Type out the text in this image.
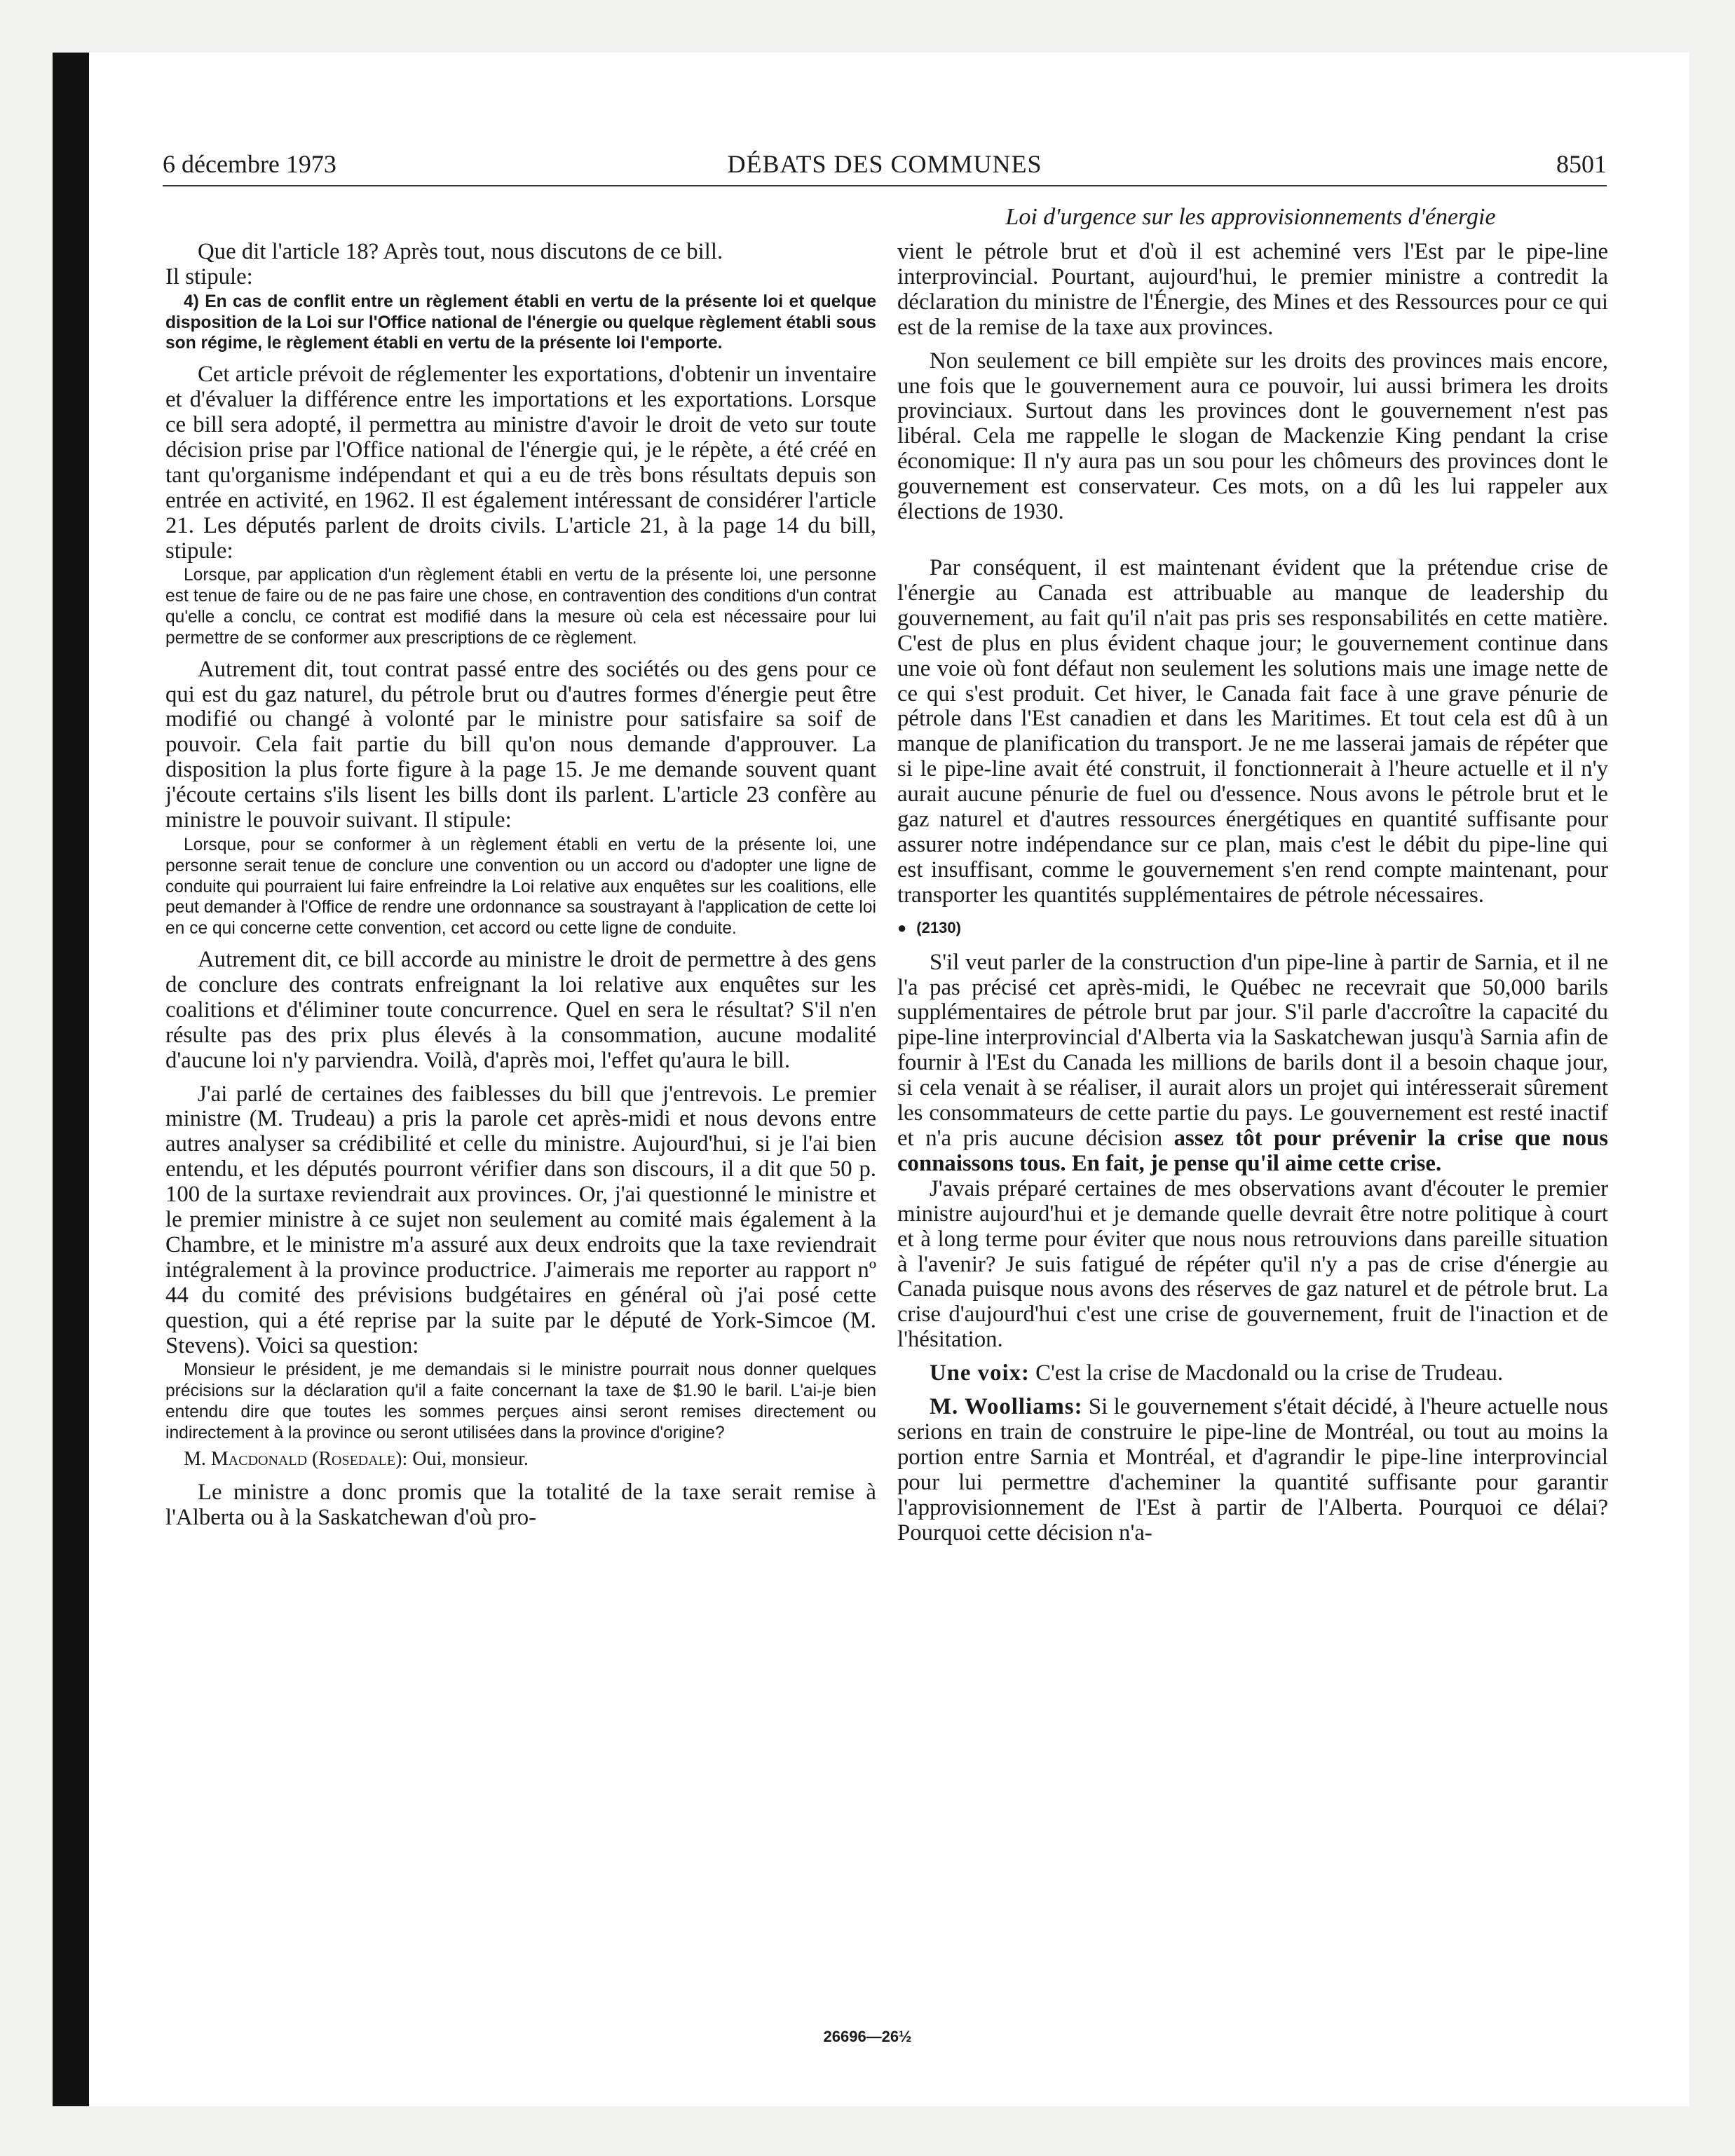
6 décembre 1973	DÉBATS DES COMMUNES	8501
Loi d'urgence sur les approvisionnements d'énergie

Que dit l'article 18? Après tout, nous discutons de ce bill.

Il stipule:

4) En cas de conflit entre un règlement établi en vertu de la présente loi et quelque disposition de la Loi sur l'Office national de l'énergie ou quelque règlement établi sous son régime, le règlement établi en vertu de la présente loi l'emporte.

Cet article prévoit de réglementer les exportations, d'obtenir un inventaire et d'évaluer la différence entre les importations et les exportations. Lorsque ce bill sera adopté, il permettra au ministre d'avoir le droit de veto sur toute décision prise par l'Office national de l'énergie qui, je le répète, a été créé en tant qu'organisme indépendant et qui a eu de très bons résultats depuis son entrée en activité, en 1962. Il est également intéressant de considérer l'article 21. Les députés parlent de droits civils. L'article 21, à la page 14 du bill, stipule:

Lorsque, par application d'un règlement établi en vertu de la présente loi, une personne est tenue de faire ou de ne pas faire une chose, en contravention des conditions d'un contrat qu'elle a conclu, ce contrat est modifié dans la mesure où cela est nécessaire pour lui permettre de se conformer aux prescriptions de ce règlement.

Autrement dit, tout contrat passé entre des sociétés ou des gens pour ce qui est du gaz naturel, du pétrole brut ou d'autres formes d'énergie peut être modifié ou changé à volonté par le ministre pour satisfaire sa soif de pouvoir. Cela fait partie du bill qu'on nous demande d'approuver. La disposition la plus forte figure à la page 15. Je me demande souvent quant j'écoute certains s'ils lisent les bills dont ils parlent. L'article 23 confère au ministre le pouvoir suivant. Il stipule:

Lorsque, pour se conformer à un règlement établi en vertu de la présente loi, une personne serait tenue de conclure une convention ou un accord ou d'adopter une ligne de conduite qui pourraient lui faire enfreindre la Loi relative aux enquêtes sur les coalitions, elle peut demander à l'Office de rendre une ordonnance sa soustrayant à l'application de cette loi en ce qui concerne cette convention, cet accord ou cette ligne de conduite.

Autrement dit, ce bill accorde au ministre le droit de permettre à des gens de conclure des contrats enfreignant la loi relative aux enquêtes sur les coalitions et d'éliminer toute concurrence. Quel en sera le résultat? S'il n'en résulte pas des prix plus élevés à la consommation, aucune modalité d'aucune loi n'y parviendra. Voilà, d'après moi, l'effet qu'aura le bill.

J'ai parlé de certaines des faiblesses du bill que j'entrevois. Le premier ministre (M. Trudeau) a pris la parole cet après-midi et nous devons entre autres analyser sa crédibilité et celle du ministre. Aujourd'hui, si je l'ai bien entendu, et les députés pourront vérifier dans son discours, il a dit que 50 p. 100 de la surtaxe reviendrait aux provinces. Or, j'ai questionné le ministre et le premier ministre à ce sujet non seulement au comité mais également à la Chambre, et le ministre m'a assuré aux deux endroits que la taxe reviendrait intégralement à la province productrice. J'aimerais me reporter au rapport nº 44 du comité des prévisions budgétaires en général où j'ai posé cette question, qui a été reprise par la suite par le député de York-Simcoe (M. Stevens). Voici sa question:

Monsieur le président, je me demandais si le ministre pourrait nous donner quelques précisions sur la déclaration qu'il a faite concernant la taxe de $1.90 le baril. L'ai-je bien entendu dire que toutes les sommes perçues ainsi seront remises directement ou indirectement à la province ou seront utilisées dans la province d'origine?

M. Macdonald (Rosedale): Oui, monsieur.

Le ministre a donc promis que la totalité de la taxe serait remise à l'Alberta ou à la Saskatchewan d'où pro-

vient le pétrole brut et d'où il est acheminé vers l'Est par le pipe-line interprovincial. Pourtant, aujourd'hui, le premier ministre a contredit la déclaration du ministre de l'Énergie, des Mines et des Ressources pour ce qui est de la remise de la taxe aux provinces.

Non seulement ce bill empiète sur les droits des provinces mais encore, une fois que le gouvernement aura ce pouvoir, lui aussi brimera les droits provinciaux. Surtout dans les provinces dont le gouvernement n'est pas libéral. Cela me rappelle le slogan de Mackenzie King pendant la crise économique: Il n'y aura pas un sou pour les chômeurs des provinces dont le gouvernement est conservateur. Ces mots, on a dû les lui rappeler aux élections de 1930.

Par conséquent, il est maintenant évident que la prétendue crise de l'énergie au Canada est attribuable au manque de leadership du gouvernement, au fait qu'il n'ait pas pris ses responsabilités en cette matière. C'est de plus en plus évident chaque jour; le gouvernement continue dans une voie où font défaut non seulement les solutions mais une image nette de ce qui s'est produit. Cet hiver, le Canada fait face à une grave pénurie de pétrole dans l'Est canadien et dans les Maritimes. Et tout cela est dû à un manque de planification du transport. Je ne me lasserai jamais de répéter que si le pipe-line avait été construit, il fonctionnerait à l'heure actuelle et il n'y aurait aucune pénurie de fuel ou d'essence. Nous avons le pétrole brut et le gaz naturel et d'autres ressources énergétiques en quantité suffisante pour assurer notre indépendance sur ce plan, mais c'est le débit du pipe-line qui est insuffisant, comme le gouvernement s'en rend compte maintenant, pour transporter les quantités supplémentaires de pétrole nécessaires.

● (2130)

S'il veut parler de la construction d'un pipe-line à partir de Sarnia, et il ne l'a pas précisé cet après-midi, le Québec ne recevrait que 50,000 barils supplémentaires de pétrole brut par jour. S'il parle d'accroître la capacité du pipe-line interprovincial d'Alberta via la Saskatchewan jusqu'à Sarnia afin de fournir à l'Est du Canada les millions de barils dont il a besoin chaque jour, si cela venait à se réaliser, il aurait alors un projet qui intéresserait sûrement les consommateurs de cette partie du pays. Le gouvernement est resté inactif et n'a pris aucune décision assez tôt pour prévenir la crise que nous connaissons tous. En fait, je pense qu'il aime cette crise.

J'avais préparé certaines de mes observations avant d'écouter le premier ministre aujourd'hui et je demande quelle devrait être notre politique à court et à long terme pour éviter que nous nous retrouvions dans pareille situation à l'avenir? Je suis fatigué de répéter qu'il n'y a pas de crise d'énergie au Canada puisque nous avons des réserves de gaz naturel et de pétrole brut. La crise d'aujourd'hui c'est une crise de gouvernement, fruit de l'inaction et de l'hésitation.

Une voix: C'est la crise de Macdonald ou la crise de Trudeau.

M. Woolliams: Si le gouvernement s'était décidé, à l'heure actuelle nous serions en train de construire le pipe-line de Montréal, ou tout au moins la portion entre Sarnia et Montréal, et d'agrandir le pipe-line interprovincial pour lui permettre d'acheminer la quantité suffisante pour garantir l'approvisionnement de l'Est à partir de l'Alberta. Pourquoi ce délai? Pourquoi cette décision n'a-

26696—26½
